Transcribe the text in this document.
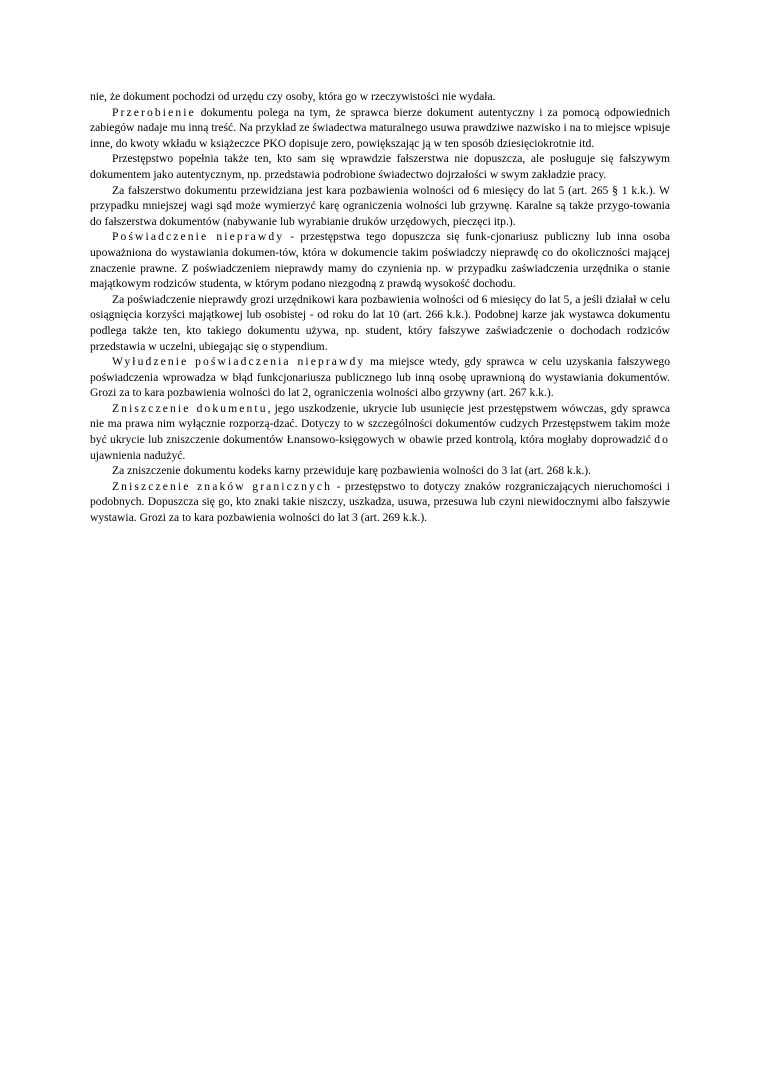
nie, że dokument pochodzi od urzędu czy osoby, która go w rzeczywistości nie wydała.

Przerobienie dokumentu polega na tym, że sprawca bierze dokument autentyczny i za pomocą odpowiednich zabiegów nadaje mu inną treść. Na przykład ze świadectwa maturalnego usuwa prawdziwe nazwisko i na to miejsce wpisuje inne, do kwoty wkładu w książeczce PKO dopisuje zero, powiększając ją w ten sposób dziesięciokrotnie itd.

Przestępstwo popełnia także ten, kto sam się wprawdzie fałszerstwa nie dopuszcza, ale posługuje się fałszywym dokumentem jako autentycznym, np. przedstawia podrobione świadectwo dojrzałości w swym zakładzie pracy.

Za fałszerstwo dokumentu przewidziana jest kara pozbawienia wolności od 6 miesięcy do lat 5 (art. 265 § 1 k.k.). W przypadku mniejszej wagi sąd może wymierzyć karę ograniczenia wolności lub grzywnę. Karalne są także przygo-towania do fałszerstwa dokumentów (nabywanie lub wyrabianie druków urzędowych, pieczęci itp.).

Poświadczenie nieprawdy - przestępstwa tego dopuszcza się funk-cjonariusz publiczny lub inna osoba upoważniona do wystawiania dokumen-tów, która w dokumencie takim poświadczy nieprawdę co do okoliczności mającej znaczenie prawne. Z poświadczeniem nieprawdy mamy do czynienia np. w przypadku zaświadczenia urzędnika o stanie majątkowym rodziców studenta, w którym podano niezgodną z prawdą wysokość dochodu.

Za poświadczenie nieprawdy grozi urzędnikowi kara pozbawienia wolności od 6 miesięcy do lat 5, a jeśli działał w celu osiągnięcia korzyści majątkowej lub osobistej - od roku do lat 10 (art. 266 k.k.). Podobnej karze jak wystawca dokumentu podlega także ten, kto takiego dokumentu używa, np. student, który fałszywe zaświadczenie o dochodach rodziców przedstawia w uczelni, ubiegając się o stypendium.

Wyłudzenie poświadczenia nieprawdy ma miejsce wtedy, gdy sprawca w celu uzyskania fałszywego poświadczenia wprowadza w błąd funkcjonariusza publicznego lub inną osobę uprawnioną do wystawiania dokumentów. Grozi za to kara pozbawienia wolności do lat 2, ograniczenia wolności albo grzywny (art. 267 k.k.).

Zniszczenie dokumentu, jego uszkodzenie, ukrycie lub usunięcie jest przestępstwem wówczas, gdy sprawca nie ma prawa nim wyłącznie rozporzą-dzać. Dotyczy to w szczególności dokumentów cudzych Przestępstwem takim może być ukrycie lub zniszczenie dokumentów Łnansowo-księgowych w obawie przed kontrolą, która mogłaby doprowadzić do ujawnienia nadużyć.

Za zniszczenie dokumentu kodeks karny przewiduje karę pozbawienia wolności do 3 lat (art. 268 k.k.).

Zniszczenie znaków granicznych - przestępstwo to dotyczy znaków rozgraniczających nieruchomości i podobnych. Dopuszcza się go, kto znaki takie niszczy, uszkadza, usuwa, przesuwa lub czyni niewidocznymi albo fałszywie wystawia. Grozi za to kara pozbawienia wolności do lat 3 (art. 269 k.k.).
